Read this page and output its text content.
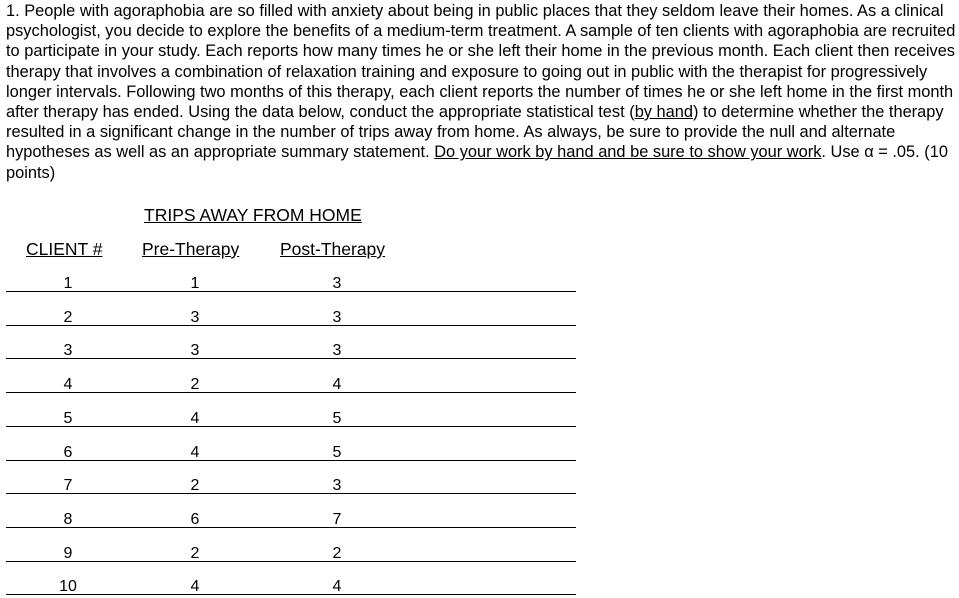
1. People with agoraphobia are so filled with anxiety about being in public places that they seldom leave their homes. As a clinical psychologist, you decide to explore the benefits of a medium-term treatment. A sample of ten clients with agoraphobia are recruited to participate in your study. Each reports how many times he or she left their home in the previous month. Each client then receives therapy that involves a combination of relaxation training and exposure to going out in public with the therapist for progressively longer intervals. Following two months of this therapy, each client reports the number of times he or she left home in the first month after therapy has ended. Using the data below, conduct the appropriate statistical test (by hand) to determine whether the therapy resulted in a significant change in the number of trips away from home. As always, be sure to provide the null and alternate hypotheses as well as an appropriate summary statement. Do your work by hand and be sure to show your work. Use α = .05. (10 points)

TRIPS AWAY FROM HOME
CLIENT # Pre-Therapy Post-Therapy
1	1	3
2	3	3
3	3	3
4	2	4
5	4	5
6	4	5
7	2	3
8	6	7
9	2	2
10	4	4
